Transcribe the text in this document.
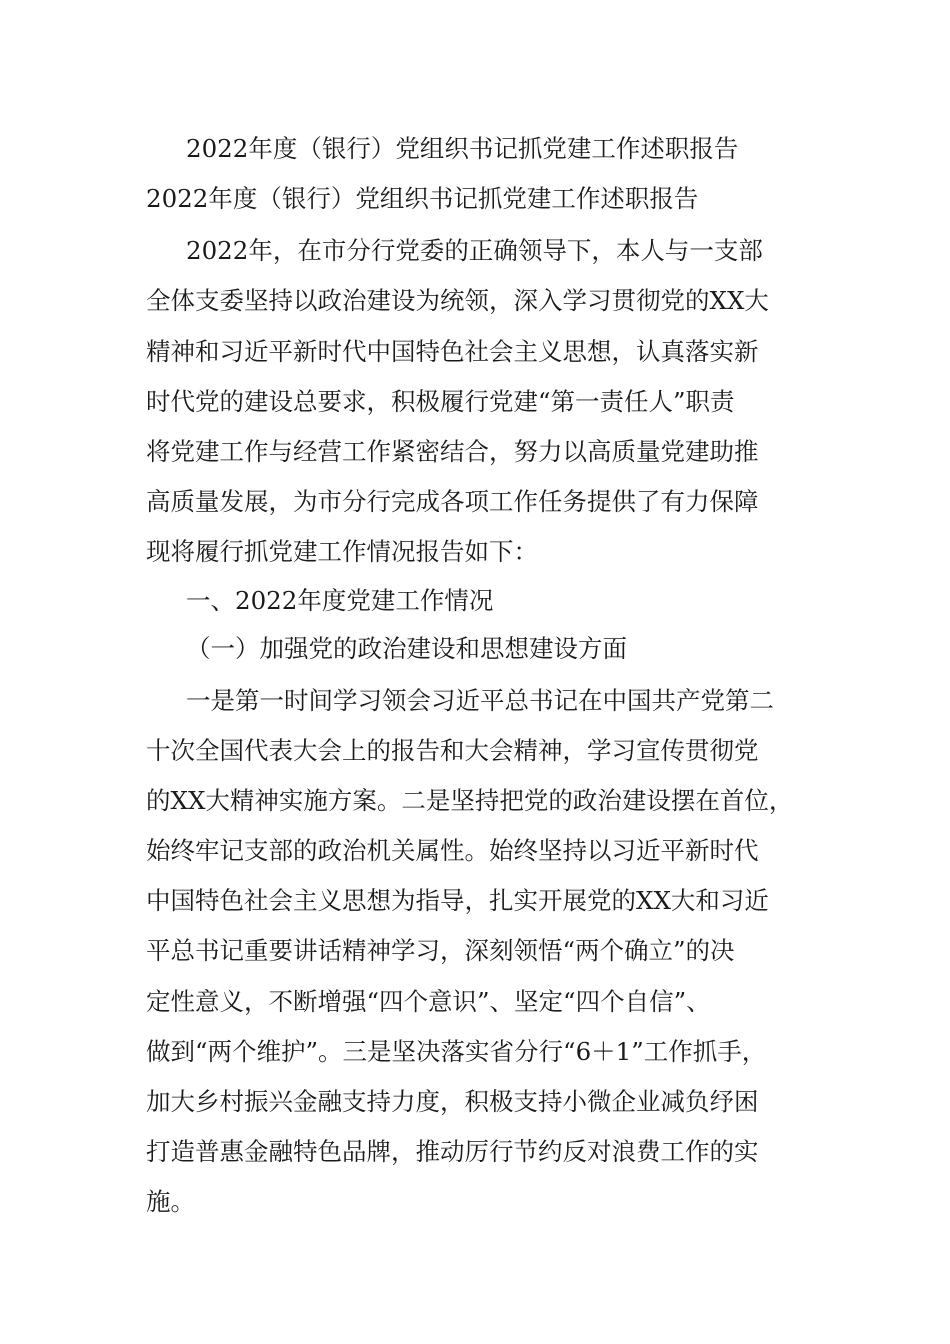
2022年度（银行）党组织书记抓党建工作述职报告
2022年度（银行）党组织书记抓党建工作述职报告
2022年，在市分行党委的正确领导下，本人与一支部
全体支委坚持以政治建设为统领，深入学习贯彻党的XX大
精神和习近平新时代中国特色社会主义思想，认真落实新
时代党的建设总要求，积极履行党建“第一责任人”职责
将党建工作与经营工作紧密结合，努力以高质量党建助推
高质量发展，为市分行完成各项工作任务提供了有力保障
现将履行抓党建工作情况报告如下：
一、2022年度党建工作情况
（一）加强党的政治建设和思想建设方面
一是第一时间学习领会习近平总书记在中国共产党第二
十次全国代表大会上的报告和大会精神，学习宣传贯彻党
的XX大精神实施方案。二是坚持把党的政治建设摆在首位，
始终牢记支部的政治机关属性。始终坚持以习近平新时代
中国特色社会主义思想为指导，扎实开展党的XX大和习近
平总书记重要讲话精神学习，深刻领悟“两个确立”的决
定性意义，不断增强“四个意识”、坚定“四个自信”、
做到“两个维护”。三是坚决落实省分行“6＋1”工作抓手，
加大乡村振兴金融支持力度，积极支持小微企业减负纾困
打造普惠金融特色品牌，推动厉行节约反对浪费工作的实
施。
